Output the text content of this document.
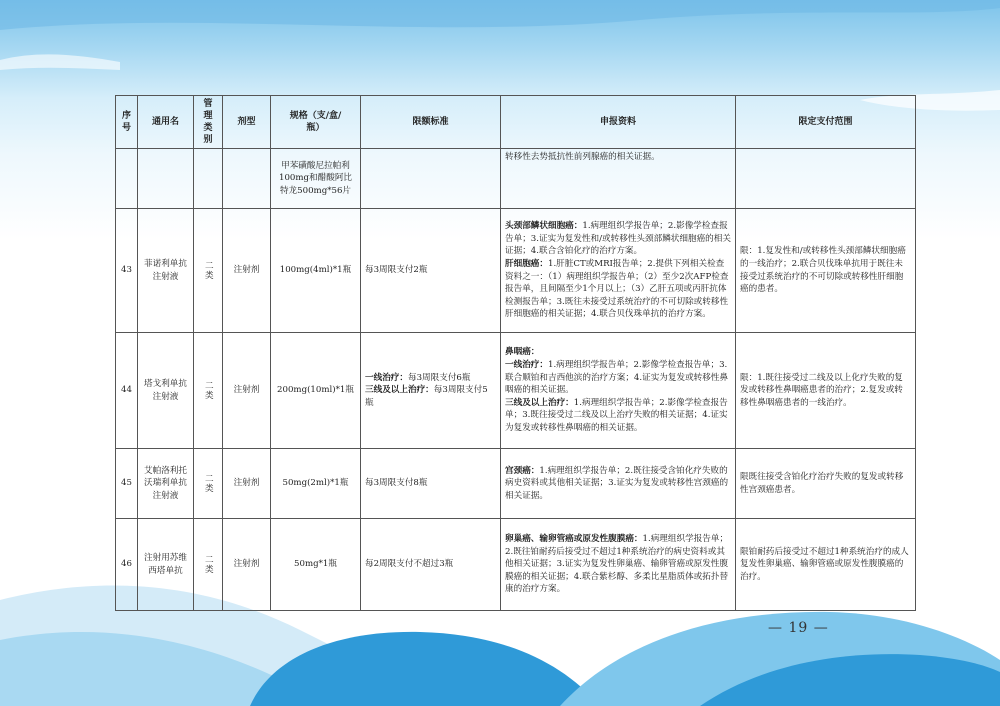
序号	通用名	管理类别	剂型	规格（支/盒/瓶）	限额标准	申报资料	限定支付范围
				甲苯磺酸尼拉帕利100mg和醋酸阿比特龙500mg*56片		转移性去势抵抗性前列腺癌的相关证据。	
43	菲诺利单抗注射液	二类	注射剂	100mg(4ml)*1瓶	每3周限支付2瓶	头颈部鳞状细胞癌：1.病理组织学报告单；2.影像学检查报告单；3.证实为复发性和/或转移性头颈部鳞状细胞癌的相关证据；4.联合含铂化疗的治疗方案。
肝细胞癌：1.肝脏CT或MRI报告单；2.提供下列相关检查资料之一：（1）病理组织学报告单；（2）至少2次AFP检查报告单，且间隔至少1个月以上；（3）乙肝五项或丙肝抗体检测报告单；3.既往未接受过系统治疗的不可切除或转移性肝细胞癌的相关证据；4.联合贝伐珠单抗的治疗方案。	限：1.复发性和/或转移性头颈部鳞状细胞癌的一线治疗；2.联合贝伐珠单抗用于既往未接受过系统治疗的不可切除或转移性肝细胞癌的患者。
44	塔戈利单抗注射液	二类	注射剂	200mg(10ml)*1瓶	一线治疗：每3周限支付6瓶
三线及以上治疗：每3周限支付5瓶	鼻咽癌：
一线治疗：1.病理组织学报告单；2.影像学检查报告单；3.联合顺铂和吉西他滨的治疗方案；4.证实为复发或转移性鼻咽癌的相关证据。
三线及以上治疗：1.病理组织学报告单；2.影像学检查报告单；3.既往接受过二线及以上治疗失败的相关证据；4.证实为复发或转移性鼻咽癌的相关证据。	限：1.既往接受过二线及以上化疗失败的复发或转移性鼻咽癌患者的治疗；2.复发或转移性鼻咽癌患者的一线治疗。
45	艾帕洛利托沃瑞利单抗注射液	二类	注射剂	50mg(2ml)*1瓶	每3周限支付8瓶	宫颈癌：1.病理组织学报告单；2.既往接受含铂化疗失败的病史资料或其他相关证据；3.证实为复发或转移性宫颈癌的相关证据。	限既往接受含铂化疗治疗失败的复发或转移性宫颈癌患者。
46	注射用苏维西塔单抗	二类	注射剂	50mg*1瓶	每2周限支付不超过3瓶	卵巢癌、输卵管癌或原发性腹膜癌：1.病理组织学报告单；2.既往铂耐药后接受过不超过1种系统治疗的病史资料或其他相关证据；3.证实为复发性卵巢癌、输卵管癌或原发性腹膜癌的相关证据；4.联合紫杉醇、多柔比星脂质体或拓扑替康的治疗方案。	限铂耐药后接受过不超过1种系统治疗的成人复发性卵巢癌、输卵管癌或原发性腹膜癌的治疗。
— 19 —
